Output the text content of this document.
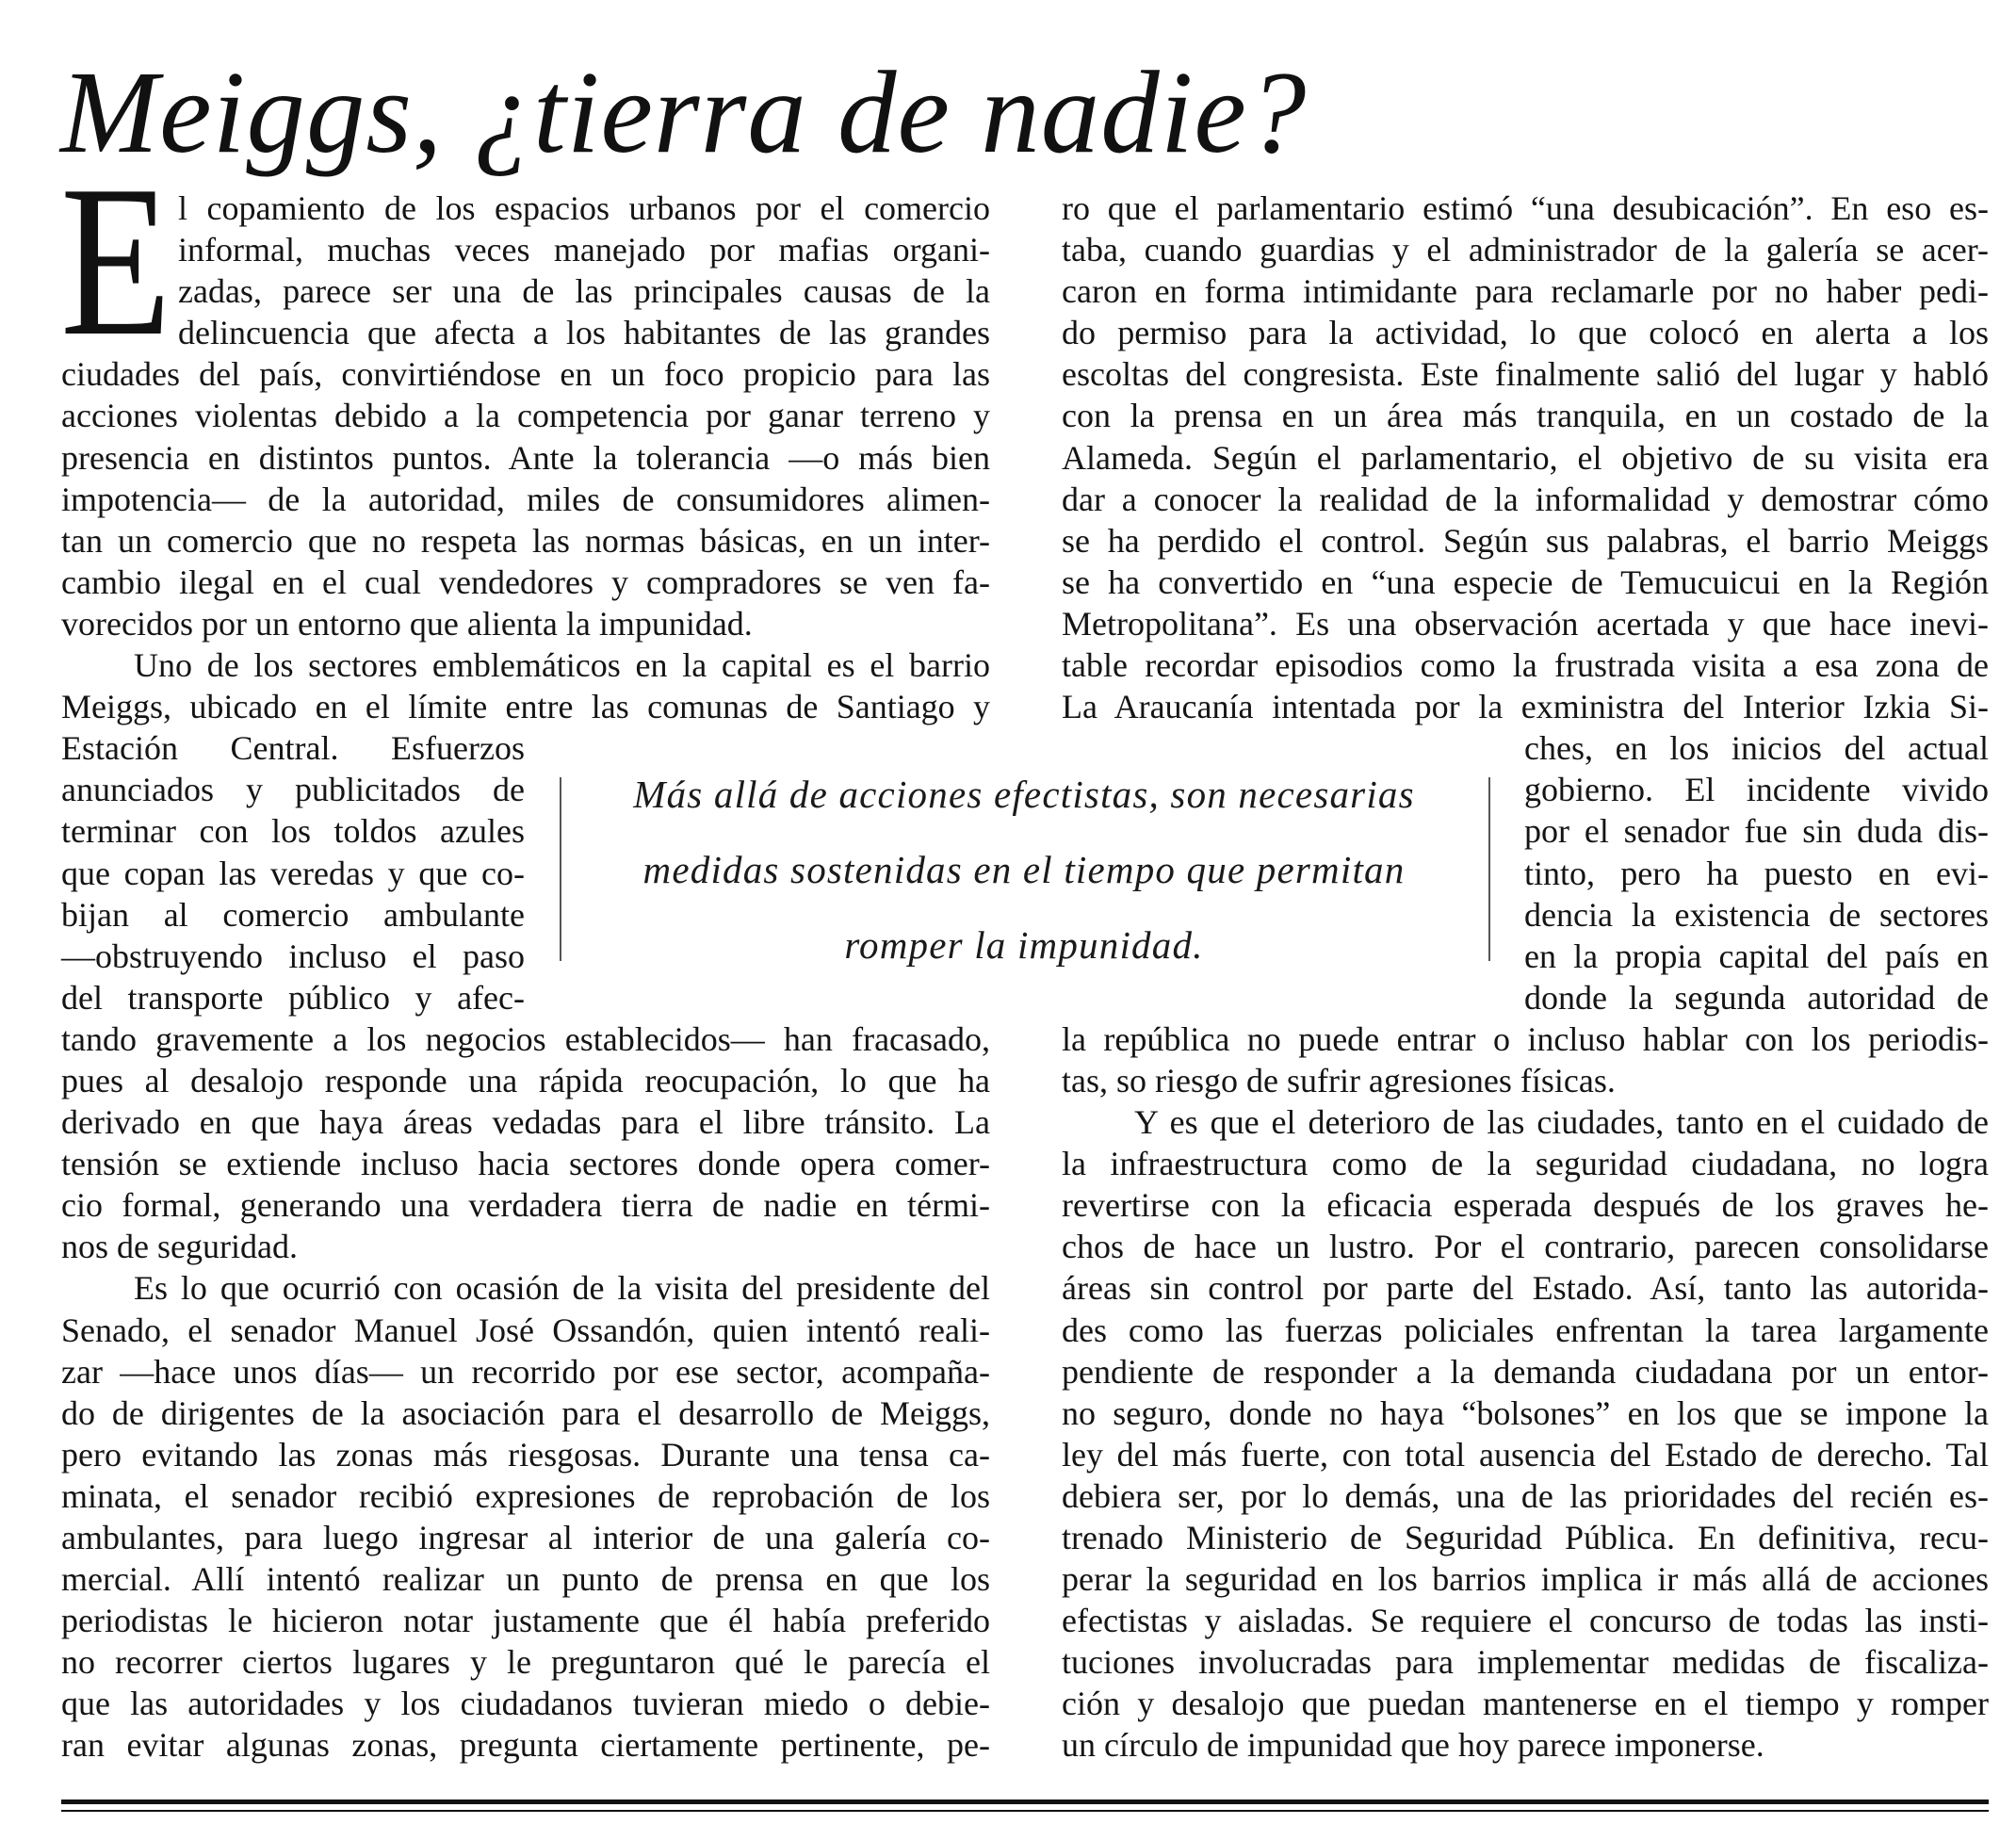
Meiggs, ¿tierra de nadie?
E l copamiento de los espacios urbanos por el comercio
informal, muchas veces manejado por mafias organi-
zadas, parece ser una de las principales causas de la
delincuencia que afecta a los habitantes de las grandes
ciudades del país, convirtiéndose en un foco propicio para las
acciones violentas debido a la competencia por ganar terreno y
presencia en distintos puntos. Ante la tolerancia —o más bien
impotencia— de la autoridad, miles de consumidores alimen-
tan un comercio que no respeta las normas básicas, en un inter-
cambio ilegal en el cual vendedores y compradores se ven fa-
vorecidos por un entorno que alienta la impunidad.
Uno de los sectores emblemáticos en la capital es el barrio
Meiggs, ubicado en el límite entre las comunas de Santiago y
Estación Central. Esfuerzos
anunciados y publicitados de
terminar con los toldos azules
que copan las veredas y que co-
bijan al comercio ambulante
—obstruyendo incluso el paso
del transporte público y afec-
tando gravemente a los negocios establecidos— han fracasado,
pues al desalojo responde una rápida reocupación, lo que ha
derivado en que haya áreas vedadas para el libre tránsito. La
tensión se extiende incluso hacia sectores donde opera comer-
cio formal, generando una verdadera tierra de nadie en térmi-
nos de seguridad.
Es lo que ocurrió con ocasión de la visita del presidente del
Senado, el senador Manuel José Ossandón, quien intentó reali-
zar —hace unos días— un recorrido por ese sector, acompaña-
do de dirigentes de la asociación para el desarrollo de Meiggs,
pero evitando las zonas más riesgosas. Durante una tensa ca-
minata, el senador recibió expresiones de reprobación de los
ambulantes, para luego ingresar al interior de una galería co-
mercial. Allí intentó realizar un punto de prensa en que los
periodistas le hicieron notar justamente que él había preferido
no recorrer ciertos lugares y le preguntaron qué le parecía el
que las autoridades y los ciudadanos tuvieran miedo o debie-
ran evitar algunas zonas, pregunta ciertamente pertinente, pe-
ro que el parlamentario estimó “una desubicación”. En eso es-
taba, cuando guardias y el administrador de la galería se acer-
caron en forma intimidante para reclamarle por no haber pedi-
do permiso para la actividad, lo que colocó en alerta a los
escoltas del congresista. Este finalmente salió del lugar y habló
con la prensa en un área más tranquila, en un costado de la
Alameda. Según el parlamentario, el objetivo de su visita era
dar a conocer la realidad de la informalidad y demostrar cómo
se ha perdido el control. Según sus palabras, el barrio Meiggs
se ha convertido en “una especie de Temucuicui en la Región
Metropolitana”. Es una observación acertada y que hace inevi-
table recordar episodios como la frustrada visita a esa zona de
La Araucanía intentada por la exministra del Interior Izkia Si-
ches, en los inicios del actual
gobierno. El incidente vivido
por el senador fue sin duda dis-
tinto, pero ha puesto en evi-
dencia la existencia de sectores
en la propia capital del país en
donde la segunda autoridad de
la república no puede entrar o incluso hablar con los periodis-
tas, so riesgo de sufrir agresiones físicas.
Y es que el deterioro de las ciudades, tanto en el cuidado de
la infraestructura como de la seguridad ciudadana, no logra
revertirse con la eficacia esperada después de los graves he-
chos de hace un lustro. Por el contrario, parecen consolidarse
áreas sin control por parte del Estado. Así, tanto las autorida-
des como las fuerzas policiales enfrentan la tarea largamente
pendiente de responder a la demanda ciudadana por un entor-
no seguro, donde no haya “bolsones” en los que se impone la
ley del más fuerte, con total ausencia del Estado de derecho. Tal
debiera ser, por lo demás, una de las prioridades del recién es-
trenado Ministerio de Seguridad Pública. En definitiva, recu-
perar la seguridad en los barrios implica ir más allá de acciones
efectistas y aisladas. Se requiere el concurso de todas las insti-
tuciones involucradas para implementar medidas de fiscaliza-
ción y desalojo que puedan mantenerse en el tiempo y romper
un círculo de impunidad que hoy parece imponerse.
Más allá de acciones efectistas, son necesarias
medidas sostenidas en el tiempo que permitan
romper la impunidad.
